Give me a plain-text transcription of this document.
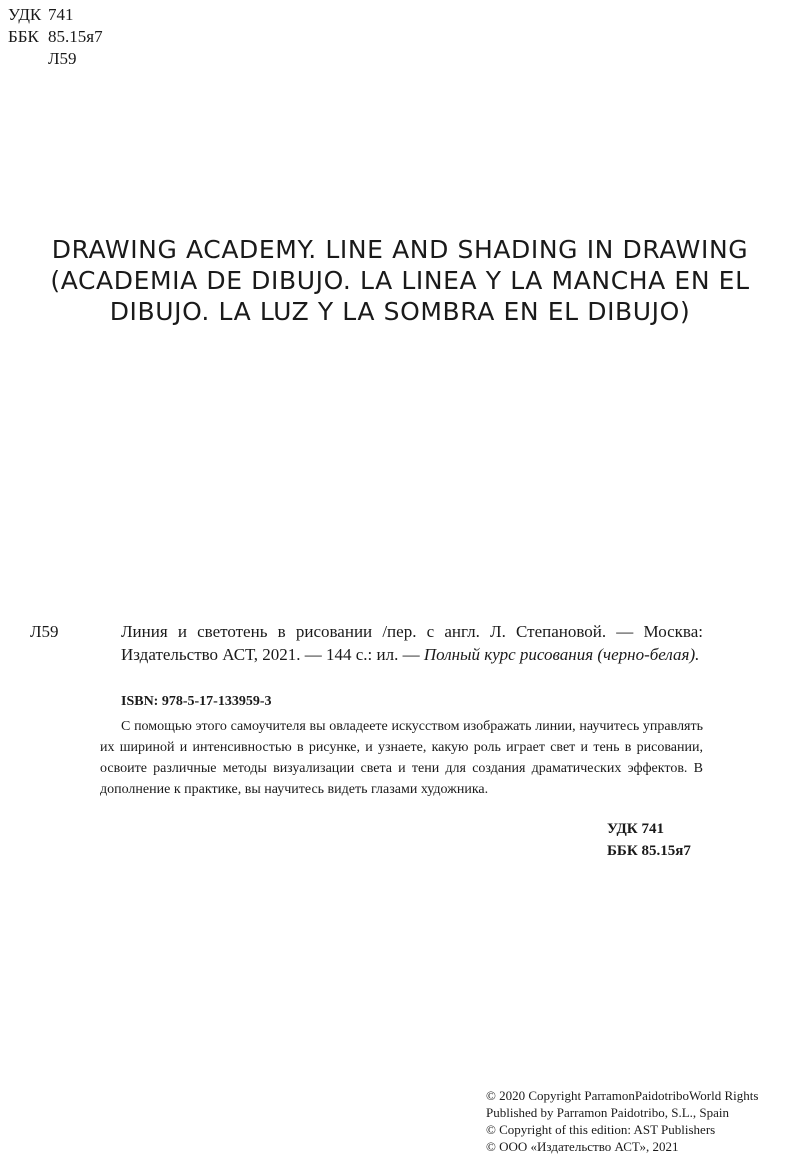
УДК 741
ББК 85.15я7
Л59
DRAWING ACADEMY. LINE AND SHADING IN DRAWING
(ACADEMIA DE DIBUJO. LA LINEA Y LA MANCHA EN EL
DIBUJO. LA LUZ Y LA SOMBRA EN EL DIBUJO)
Л59	Линия и светотень в рисовании /пер. с англ. Л. Степановой. — Москва: Издательство АСТ, 2021. — 144 с.: ил. — Полный курс рисования (черно-белая).
ISBN: 978-5-17-133959-3

С помощью этого самоучителя вы овладеете искусством изображать линии, научитесь управлять их шириной и интенсивностью в рисунке, и узнаете, какую роль играет свет и тень в рисовании, освоите различные методы визуализации света и тени для создания драматических эффектов. В дополнение к практике, вы научитесь видеть глазами художника.

УДК 741
ББК 85.15я7
© 2020 Copyright ParramonPaidotriboWorld Rights
Published by Parramon Paidotribo, S.L., Spain
© Copyright of this edition: AST Publishers
© ООО «Издательство АСТ», 2021
